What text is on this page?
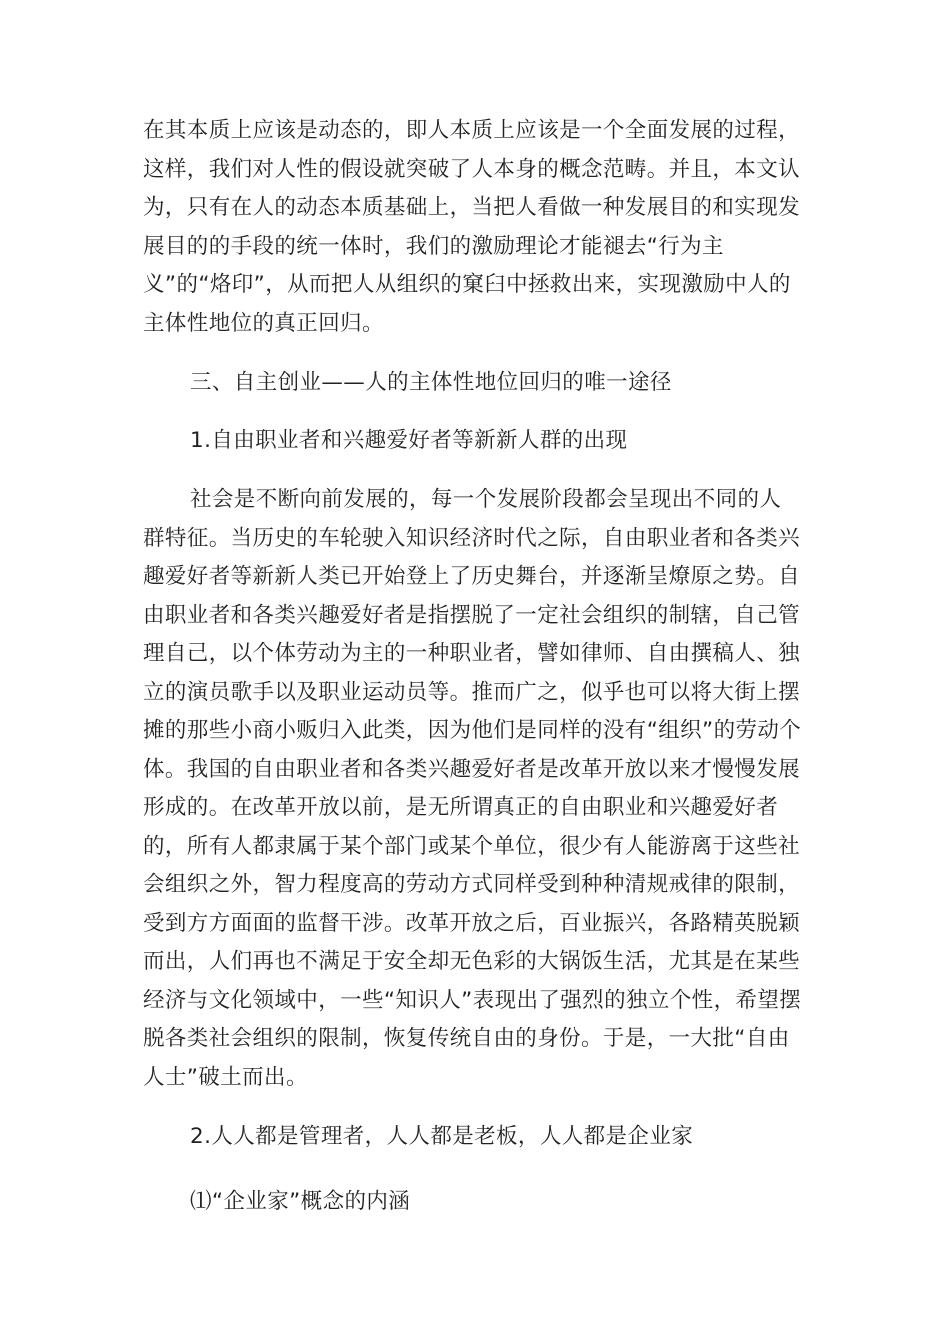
在其本质上应该是动态的，即人本质上应该是一个全面发展的过程，这样，我们对人性的假设就突破了人本身的概念范畴。并且，本文认为，只有在人的动态本质基础上，当把人看做一种发展目的和实现发展目的的手段的统一体时，我们的激励理论才能褪去“行为主义”的“烙印”，从而把人从组织的窠臼中拯救出来，实现激励中人的主体性地位的真正回归。

三、自主创业——人的主体性地位回归的唯一途径

1.自由职业者和兴趣爱好者等新新人群的出现

社会是不断向前发展的，每一个发展阶段都会呈现出不同的人群特征。当历史的车轮驶入知识经济时代之际，自由职业者和各类兴趣爱好者等新新人类已开始登上了历史舞台，并逐渐呈燎原之势。自由职业者和各类兴趣爱好者是指摆脱了一定社会组织的制辖，自己管理自己，以个体劳动为主的一种职业者，譬如律师、自由撰稿人、独立的演员歌手以及职业运动员等。推而广之，似乎也可以将大街上摆摊的那些小商小贩归入此类，因为他们是同样的没有“组织”的劳动个体。我国的自由职业者和各类兴趣爱好者是改革开放以来才慢慢发展形成的。在改革开放以前，是无所谓真正的自由职业和兴趣爱好者的，所有人都隶属于某个部门或某个单位，很少有人能游离于这些社会组织之外，智力程度高的劳动方式同样受到种种清规戒律的限制，受到方方面面的监督干涉。改革开放之后，百业振兴，各路精英脱颖而出，人们再也不满足于安全却无色彩的大锅饭生活，尤其是在某些经济与文化领域中，一些“知识人”表现出了强烈的独立个性，希望摆脱各类社会组织的限制，恢复传统自由的身份。于是，一大批“自由人士”破土而出。

2.人人都是管理者，人人都是老板，人人都是企业家

⑴“企业家”概念的内涵
